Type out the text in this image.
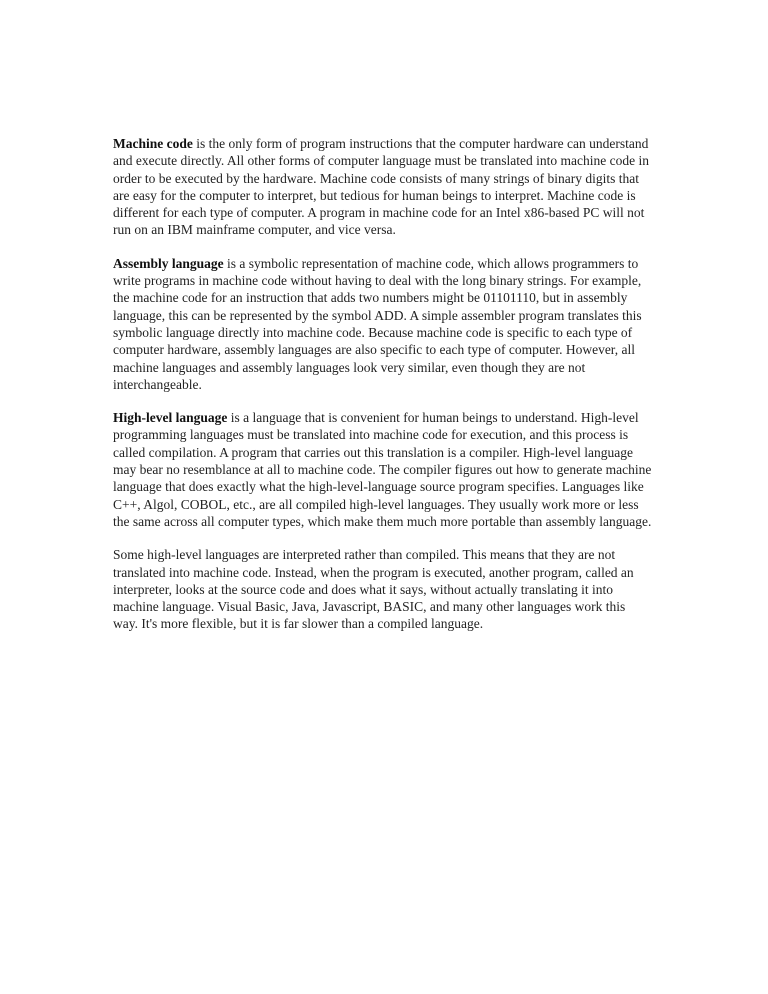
Machine code is the only form of program instructions that the computer hardware can understand and execute directly. All other forms of computer language must be translated into machine code in order to be executed by the hardware. Machine code consists of many strings of binary digits that are easy for the computer to interpret, but tedious for human beings to interpret. Machine code is different for each type of computer. A program in machine code for an Intel x86-based PC will not run on an IBM mainframe computer, and vice versa.

Assembly language is a symbolic representation of machine code, which allows programmers to write programs in machine code without having to deal with the long binary strings. For example, the machine code for an instruction that adds two numbers might be 01101110, but in assembly language, this can be represented by the symbol ADD. A simple assembler program translates this symbolic language directly into machine code. Because machine code is specific to each type of computer hardware, assembly languages are also specific to each type of computer. However, all machine languages and assembly languages look very similar, even though they are not interchangeable.

High-level language is a language that is convenient for human beings to understand. High-level programming languages must be translated into machine code for execution, and this process is called compilation. A program that carries out this translation is a compiler. High-level language may bear no resemblance at all to machine code. The compiler figures out how to generate machine language that does exactly what the high-level-language source program specifies. Languages like C++, Algol, COBOL, etc., are all compiled high-level languages. They usually work more or less the same across all computer types, which make them much more portable than assembly language.

Some high-level languages are interpreted rather than compiled. This means that they are not translated into machine code. Instead, when the program is executed, another program, called an interpreter, looks at the source code and does what it says, without actually translating it into machine language. Visual Basic, Java, Javascript, BASIC, and many other languages work this way. It's more flexible, but it is far slower than a compiled language.
